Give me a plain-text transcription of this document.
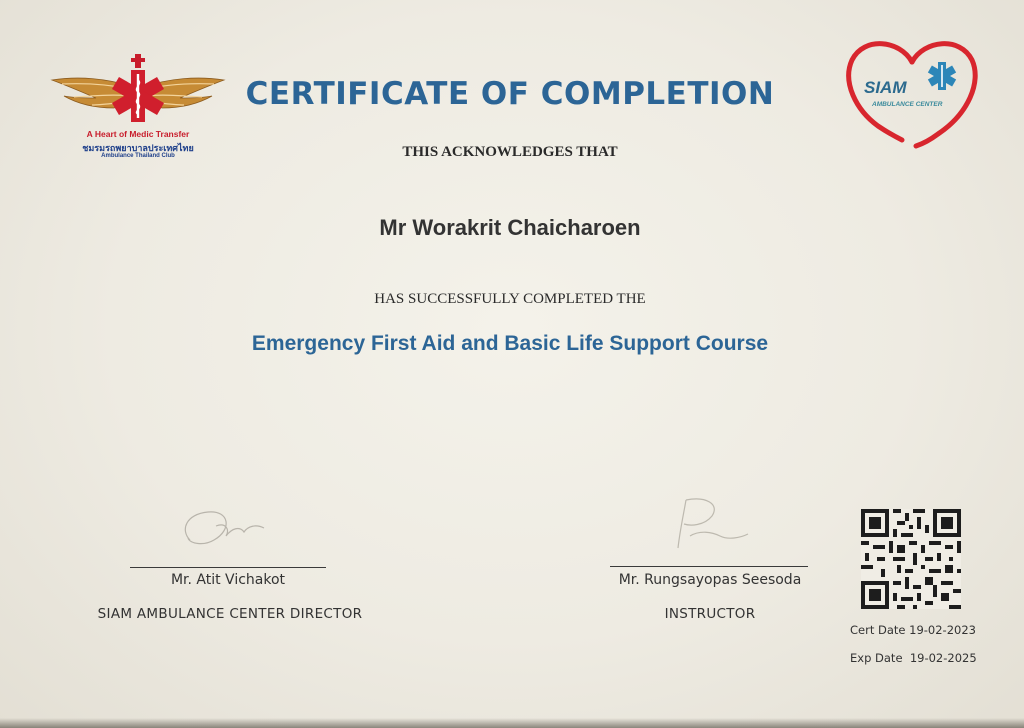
A Heart of Medic Transfer
ชมรมรถพยาบาลประเทศไทย
Ambulance Thailand Club
SIAM
AMBULANCE CENTER
CERTIFICATE OF COMPLETION
THIS ACKNOWLEDGES THAT
Mr Worakrit Chaicharoen
HAS SUCCESSFULLY COMPLETED THE
Emergency First Aid and Basic Life Support Course
Mr. Atit Vichakot
SIAM AMBULANCE CENTER DIRECTOR
Mr. Rungsayopas Seesoda
INSTRUCTOR
Cert Date 19-02-2023
Exp Date  19-02-2025
